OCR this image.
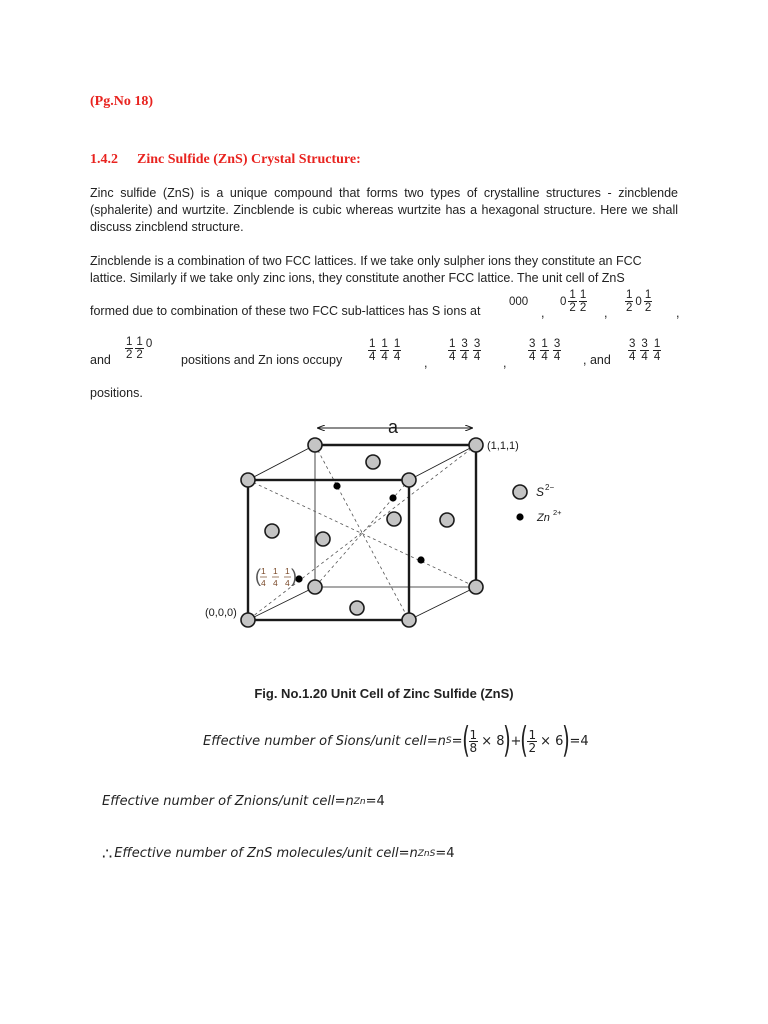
(Pg.No 18)
1.4.2 Zinc Sulfide (ZnS) Crystal Structure:
Zinc sulfide (ZnS) is a unique compound that forms two types of crystalline structures - zincblende (sphalerite) and wurtzite. Zincblende is cubic whereas wurtzite has a hexagonal structure. Here we shall discuss zincblend structure.
Zincblende is a combination of two FCC lattices. If we take only sulpher ions they constitute an FCC
lattice. Similarly if we take only zinc ions, they constitute another FCC lattice. The unit cell of ZnS
formed due to combination of these two FCC sub-lattices has S ions at
000
,
$0 \frac{1}{2} \frac{1}{2}$ , $\frac{1}{2} 0 \frac{1}{2}$ ,
and $\frac{1}{2} \frac{1}{2} 0$
positions and Zn ions occupy $\frac{1}{4} \frac{1}{4} \frac{1}{4}$ , $\frac{1}{4} \frac{3}{4} \frac{3}{4}$ , $\frac{3}{4} \frac{1}{4} \frac{3}{4}$ , and $\frac{3}{4} \frac{3}{4} \frac{1}{4}$
positions.
a
(1,1,1)
(0,0,0)
( 1
4
1
4
1
4 )
S 2−
Zn 2+
Fig. No.1.20 Unit Cell of Zinc Sulfide (ZnS)
Effective number of Sions/unit cell = n S = ( $\frac{1}{8} \times 8$ ) + ( $\frac{1}{2} \times 6$ ) =4
Effective number of Znions/unit cell = n Zn =4
∴ Effective number of ZnS molecules/unit cell = n ZnS =4
